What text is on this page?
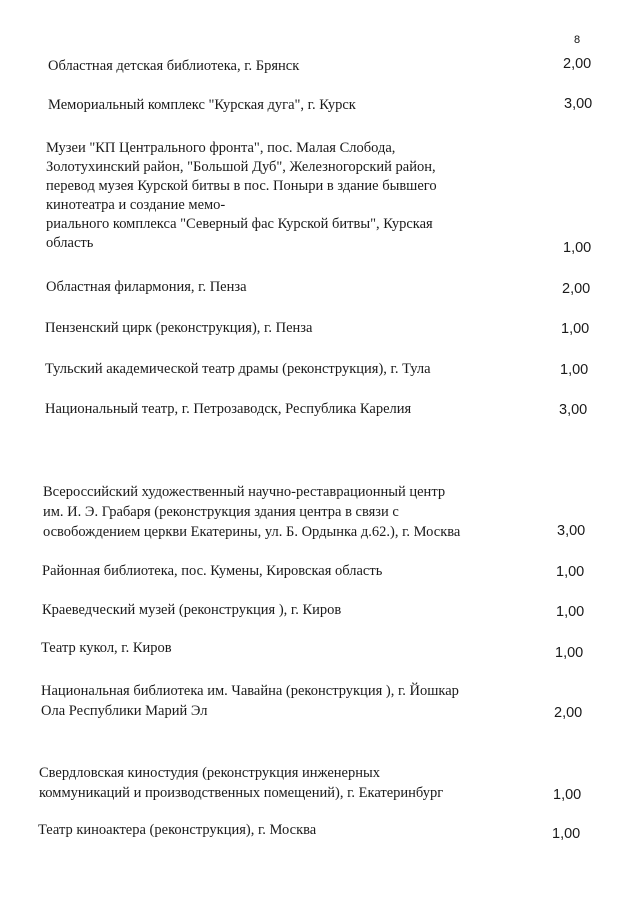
8
Областная детская библиотека, г. Брянск	2,00
Мемориальный комплекс "Курская дуга", г. Курск	3,00
Музеи "КП Центрального фронта", пос. Малая Слобода,
Золотухинский район, "Большой Дуб", Железногорский район,
перевод музея Курской битвы в пос. Поныри в здание бывшего
кинотеатра и создание мемо-
риального комплекса "Северный фас Курской битвы", Курская
область	1,00
Областная филармония, г. Пенза	2,00
Пензенский цирк (реконструкция), г. Пенза	1,00
Тульский академической театр драмы (реконструкция), г. Тула	1,00
Национальный театр, г. Петрозаводск, Республика Карелия	3,00
Всероссийский художественный научно-реставрационный центр
им. И. Э. Грабаря (реконструкция здания центра в связи с
освобождением церкви Екатерины, ул. Б. Ордынка д.62.), г. Москва	3,00
Районная библиотека, пос. Кумены, Кировская область	1,00
Краеведческий музей (реконструкция ), г. Киров	1,00
Театр кукол, г. Киров	1,00
Национальная библиотека им. Чавайна (реконструкция ), г. Йошкар
Ола Республики Марий Эл	2,00
Свердловская киностудия (реконструкция инженерных
коммуникаций и производственных помещений), г. Екатеринбург	1,00
Театр киноактера (реконструкция), г. Москва	1,00
